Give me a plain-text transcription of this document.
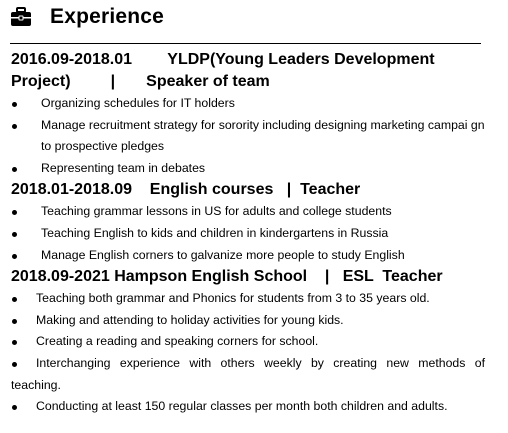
Experience
2016.09-2018.01        YLDP(Young Leaders Development
Project)         |       Speaker of team
Organizing schedules for IT holders
Manage recruitment strategy for sorority including designing marketing campai gn to prospective pledges
Representing team in debates
2018.01-2018.09    English courses   |  Teacher
Teaching grammar lessons in US for adults and college students
Teaching English to kids and children in kindergartens in Russia
Manage English corners to galvanize more people to study English
2018.09-2021 Hampson English School    |   ESL  Teacher
Teaching both grammar and Phonics for students from 3 to 35 years old.
Making and attending to holiday activities for young kids.
Creating a reading and speaking corners for school.
Interchanging experience with others weekly by creating new methods of teaching.
Conducting at least 150 regular classes per month both children and adults.
